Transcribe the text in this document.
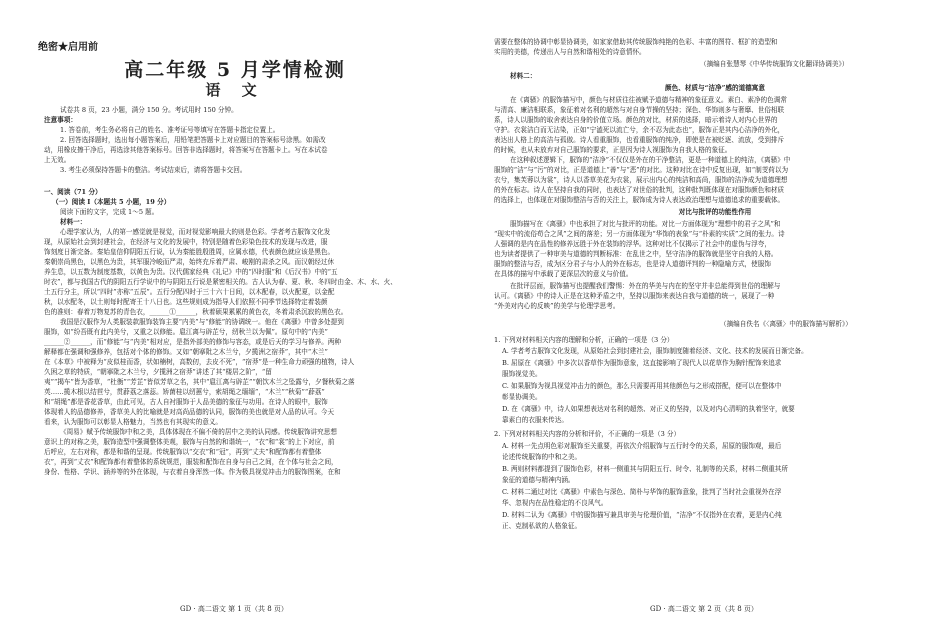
绝密★启用前
高二年级 5 月学情检测
语 文
试卷共 8 页，23 小题，满分 150 分。考试用时 150 分钟。
注意事项：
1. 答卷前，考生务必将自己的姓名、准考证号等填写在答题卡指定位置上。
2. 回答选择题时，选出每小题答案后，用铅笔把答题卡上对应题目的答案标号涂黑。如需改
动，用橡皮擦干净后，再选涂其他答案标号。回答非选择题时，将答案写在答题卡上。写在本试卷
上无效。
3. 考生必须保持答题卡的整洁。考试结束后，请将答题卡交回。
一、阅读（71 分）
（一）阅读 Ⅰ（本题共 5 小题，19 分）
阅读下面的文字，完成 1～5 题。
材料一：
心理学家认为，人的第一感觉就是视觉，而对视觉影响最大的则是色彩。学者考古服饰文化发
现，从原始社会到封建社会，在经济与文化的发展中，特别是随着色彩染色技术的发现与改进，服
饰刻度日渐完备。秦始皇信仰阴阳五行说，认为秦能胜殷胜周，应属水德，代表颜色就应该是黑色。
秦朝崇尚黑色，以黑色为贵，其军服冷峻而严肃，始终充斥着严肃、峻刚的肃杀之风。而汉朝经过休
养生息，以五数为制度基数，以黄色为贵。汉代儒家经典《礼记》中的“四时服”和《后汉书》中的“五
时衣”，都与我国古代的阴阳五行学说中的与阴阳五行说是紧密相关的。古人认为春、夏、秋、冬四时由金、木、水、火、
土五行分主，所以“四时”亦称“五辰”。五行分配四时于三十六十日间，以木配春，以火配夏，以金配
秋，以水配冬，以土则每时配寄王十八日也。这些规则成为指导人们依照不同季节选择特定着装颜
色的准则：春着万物复苏的青色衣，______①______，秋着硕果累累的黄色衣，冬着肃杀沉寂的黑色衣。
我国是汉服作为人类服装款服饰装饰主要“内美”与“修能”的协调统一。他在《离骚》中曾多处提到
服饰，如“纷吾既有此内美兮，又重之以修能。扈江离与辟芷兮，纫秋兰以为佩”。原句中的“内美”
______②______，而“修能”与“内美”相对应，是指外部美的修饰与容态，或是后天的学习与修养。两种
解释都在强调和强修养，包括对个体的修饰。又如“朝搴阰之木兰兮，夕揽洲之宿莽”，其中“木兰”
在《本草》中被释为“皮似桂而香，状如楠树，高数仞，去皮不死”，“宿莽”是一种生命力顽强的植物，诗人
久困之草的特质，“朝搴阰之木兰兮，夕揽洲之宿莽”讲述了其“楼居之阶”，“留
夷”“揭车”皆为香草，“杜衡”“芳芷”皆似芳草之名，其中“扈江离与辟芷”“朝饮木兰之坠露兮，夕餐秋菊之落
英……揽木根以结苣兮，贯薜荔之落蕊。矫菌桂以纫蕙兮，索胡绳之缅缅”，“木兰”“秋菊”“薜荔”
和“胡绳”都是香花香草，由此可见，古人自衬服饰于人品美德的象征与功用。在诗人的眼中，服饰
体现着人的品德修养，香草美人的比喻就是对高尚品德的认同，服饰的美也就是对人品的认可。今天
看来，认为服饰可以彰显人格魅力，当然也有其现实的意义。
《周易》赋予传统服饰中和之美，具体体现在不偏不倚的居中之美的认同感。传统服饰讲究思想
意识上的对称之美，服饰造型中强调整体美观，服饰与自然的和谐统一，“衣”和“裳”的上下对应，前
后呼应，左右对称，都是和谐的呈现。传统服饰以“交衣”和“冠”，再到“丈夫”和配饰都有着整体
衣”，再到“丈衣”和配饰都有着整体的系统规范，服装和配饰在自身与自己之间，在个体与社会之间，
身份、性格、学识、涵养等的外在体现，与衣着自身浑然一体。作为极具视觉冲击力的服饰图案，在和
GD · 高二语文 第 1 页（共 8 页）
需要在整体的协调中彰显协调美，如家家借助其传统服饰纯艳的色彩、丰富的图符、框扩的造型和
实用的美德，传递出人与自然和谐相处的诗意情怀。
（摘编自张慧琴《中华传统服饰文化翻译协调美》）
材料二：
颜色、材质与“洁净”感的道德寓意
在《离骚》的服饰描写中，颜色与材质往往被赋予道德与精神的象征意义。素白、素净的色调常
与清高、廉洁相联系，象征着对名利的超然与对自身节操的坚持；深色、华饰则多与奢靡、世俗相联
系，诗人以服饰的取舍表达自身的价值立场。颜色的对比，材质的选择，暗示着诗人对内心世界的
守护。衣裳洁白而无沾染，正如“宁溘死以流亡兮，余不忍为此态也”，服饰正是其内心洁净的外化，
表达出人格上的高洁与孤傲。诗人看重服饰，也看重服饰的纯净，即使是在被贬逐、流放，受到排斥
的时候，也从未放弃对自己服饰的要求，正是因为诗人视服饰为自我人格的象征。
在这种叙述逻辑下，服饰的“洁净”不仅仅是外在的干净整洁，更是一种道德上的纯洁，《离骚》中
服饰的“洁”与“污”的对比，正是道德上“善”与“恶”的对比。这种对比在诗中反复出现，如“制芰荷以为
衣兮，集芙蓉以为裳”，诗人以香草美花为衣裳，展示出内心的纯洁和高尚，服饰的洁净成为道德理想
的外在标志。诗人在坚持自我的同时，也表达了对世俗的批判，这种批判既体现在对服饰颜色和材质
的选择上，也体现在对服饰整洁与否的关注上，服饰成为诗人表达政治理想与道德追求的重要载体。
对比与批评的功能性作用
服饰描写在《离骚》中也承担了对比与批评的功能。对比一方面体现为“理想中的君子之风”和
“现实中的流俗苟合之风”之间的落差；另一方面体现为“华饰的表象”与“朴素的实质”之间的张力。诗
人强调的是内在品性的修养远胜于外在装饰的浮华。这种对比不仅揭示了社会中的虚伪与浮夸，
也为读者提供了一种审美与道德的判断标准：在乱世之中，坚守洁净的服饰就是坚守自我的人格。
服饰的整洁与否，成为区分君子与小人的外在标志，也是诗人道德评判的一种隐喻方式，使服饰
在具体的描写中承载了更深层次的意义与价值。
在批评层面，服饰描写也提醒我们警惕：外在的华美与内在的坚守并非总能得到世俗的理解与
认可。《离骚》中的诗人正是在这种矛盾之中，坚持以服饰来表达自我与道德的统一，展现了一种
“外美对内心的反映”的美学与伦理学思考。
（摘编自佚名《〈离骚〉中的服饰描写解析》）
1. 下列对材料相关内容的理解和分析，正确的一项是（3 分）
A. 学者考古服饰文化发现，从原始社会到封建社会，服饰制度随着经济、文化、技术的发展而日渐完备。
B. 屈原在《离骚》中多次以香草作为服饰意象，这直接影响了现代人以花草作为胸针配饰来追求
服饰视觉美。
C. 如果服饰为视具视觉冲击力的颜色，那么只需要再用其他颜色与之形成搭配，便可以在整体中
彰显协调美。
D. 在《离骚》中，诗人如果想表达对名利的超然、对正义的坚持，以及对内心清明的执着坚守，就要
靠素白的衣服来传达。
2. 下列对材料相关内容的分析和评价，不正确的一项是（3 分）
A. 材料一先点明色彩对服饰至关重要，再依次介绍服饰与五行时令的关系，屈原的服饰观，最后
论述传统服饰的中和之美。
B. 两则材料都提到了服饰色彩，材料一侧重其与阴阳五行、时令、礼制等的关系，材料二侧重其所
象征的道德与精神内涵。
C. 材料二通过对比《离骚》中素色与深色、简朴与华饰的服饰意象，批判了当时社会重视外在浮
华、忽视内在品性稳定的不良风气。
D. 材料二认为《离骚》中的服饰描写兼具审美与伦理价值，“洁净”不仅指外在衣着，更是内心纯
正、克制私欲的人格象征。
GD · 高二语文 第 2 页（共 8 页）
